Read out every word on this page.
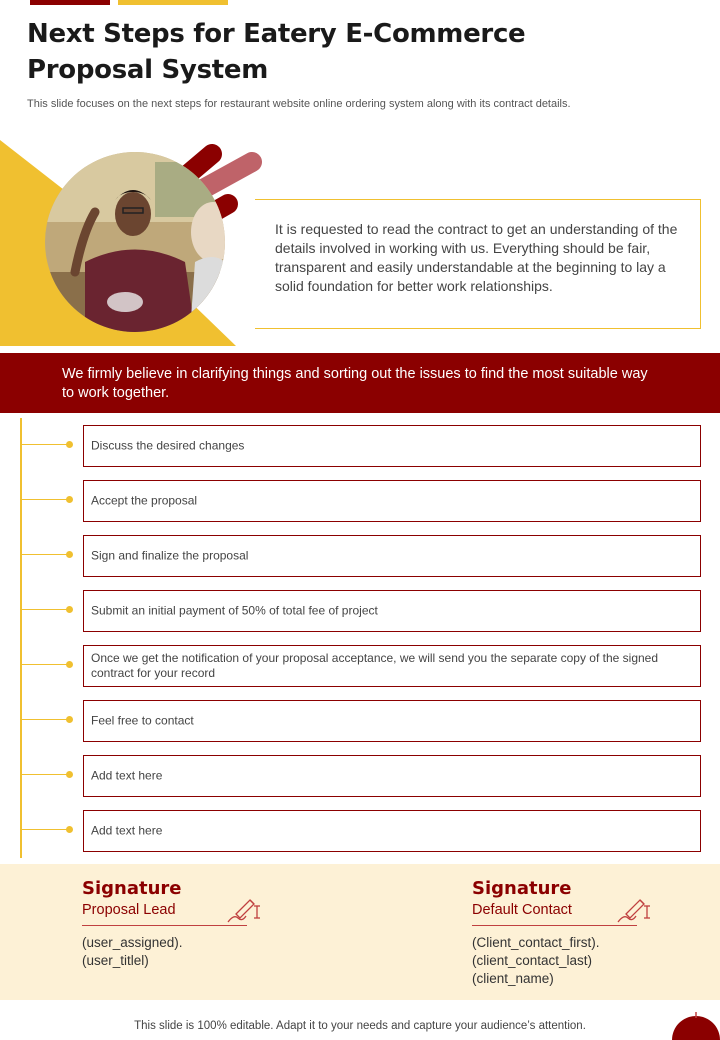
Next Steps for Eatery E-Commerce Proposal System

This slide focuses on the next steps for restaurant website online ordering system along with its contract details.

It is requested to read the contract to get an understanding of the details involved in working with us. Everything should be fair, transparent and easily understandable at the beginning to lay a solid foundation for better work relationships.

We firmly believe in clarifying things and sorting out the issues to find the most suitable way to work together.

Discuss the desired changes
Accept the proposal
Sign and finalize the proposal
Submit an initial payment of 50% of total fee of project
Once we get the notification of your proposal acceptance, we will send you the separate copy of the signed contract for your record
Feel free to contact
Add text here
Add text here
Signature
Proposal Lead
(user_assigned).
(user_titlel)
Signature
Default Contact
(Client_contact_first).
(client_contact_last)
(client_name)

This slide is 100% editable. Adapt it to your needs and capture your audience’s attention.
